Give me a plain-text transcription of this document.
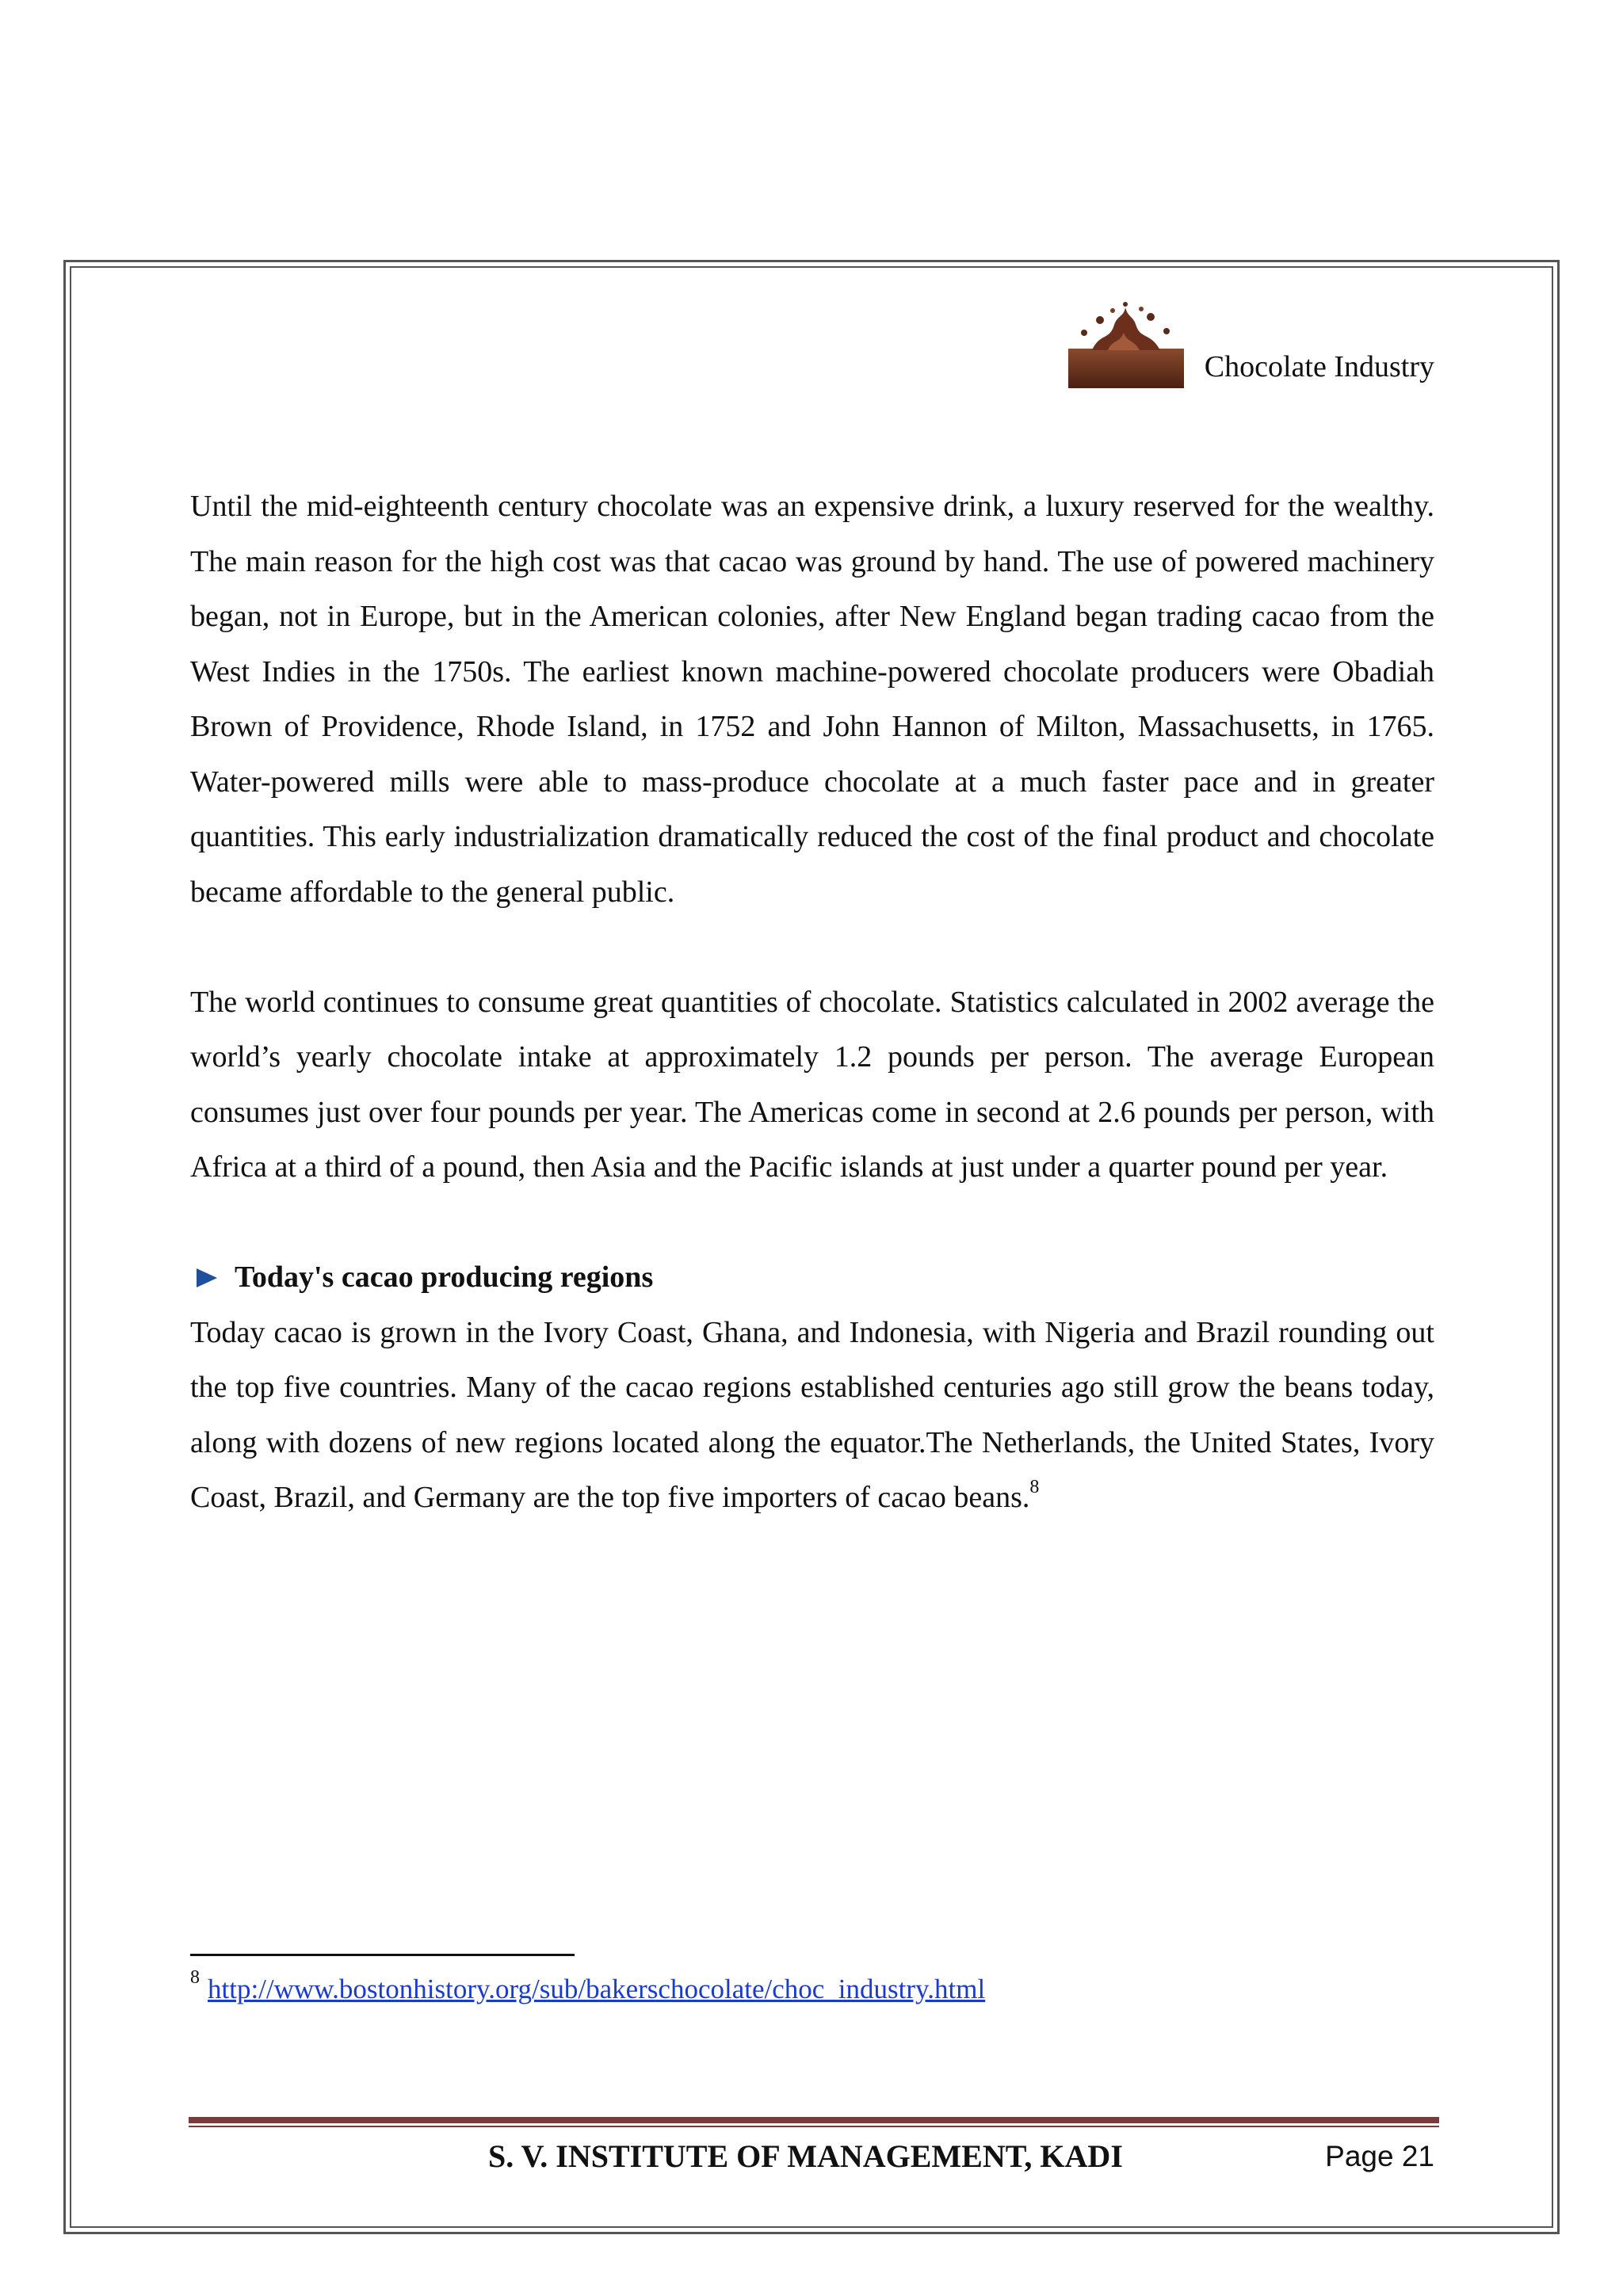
Chocolate Industry

Until the mid-eighteenth century chocolate was an expensive drink, a luxury reserved for the wealthy. The main reason for the high cost was that cacao was ground by hand. The use of powered machinery began, not in Europe, but in the American colonies, after New England began trading cacao from the West Indies in the 1750s. The earliest known machine-powered chocolate producers were Obadiah Brown of Providence, Rhode Island, in 1752 and John Hannon of Milton, Massachusetts, in 1765. Water-powered mills were able to mass-produce chocolate at a much faster pace and in greater quantities. This early industrialization dramatically reduced the cost of the final product and chocolate became affordable to the general public.

The world continues to consume great quantities of chocolate. Statistics calculated in 2002 average the world’s yearly chocolate intake at approximately 1.2 pounds per person. The average European consumes just over four pounds per year. The Americas come in second at 2.6 pounds per person, with Africa at a third of a pound, then Asia and the Pacific islands at just under a quarter pound per year.

Today's cacao producing regions

Today cacao is grown in the Ivory Coast, Ghana, and Indonesia, with Nigeria and Brazil rounding out the top five countries. Many of the cacao regions established centuries ago still grow the beans today, along with dozens of new regions located along the equator.The Netherlands, the United States, Ivory Coast, Brazil, and Germany are the top five importers of cacao beans.$^8$

$^8$ http://www.bostonhistory.org/sub/bakerschocolate/choc_industry.html
S. V. INSTITUTE OF MANAGEMENT, KADI	Page 21
